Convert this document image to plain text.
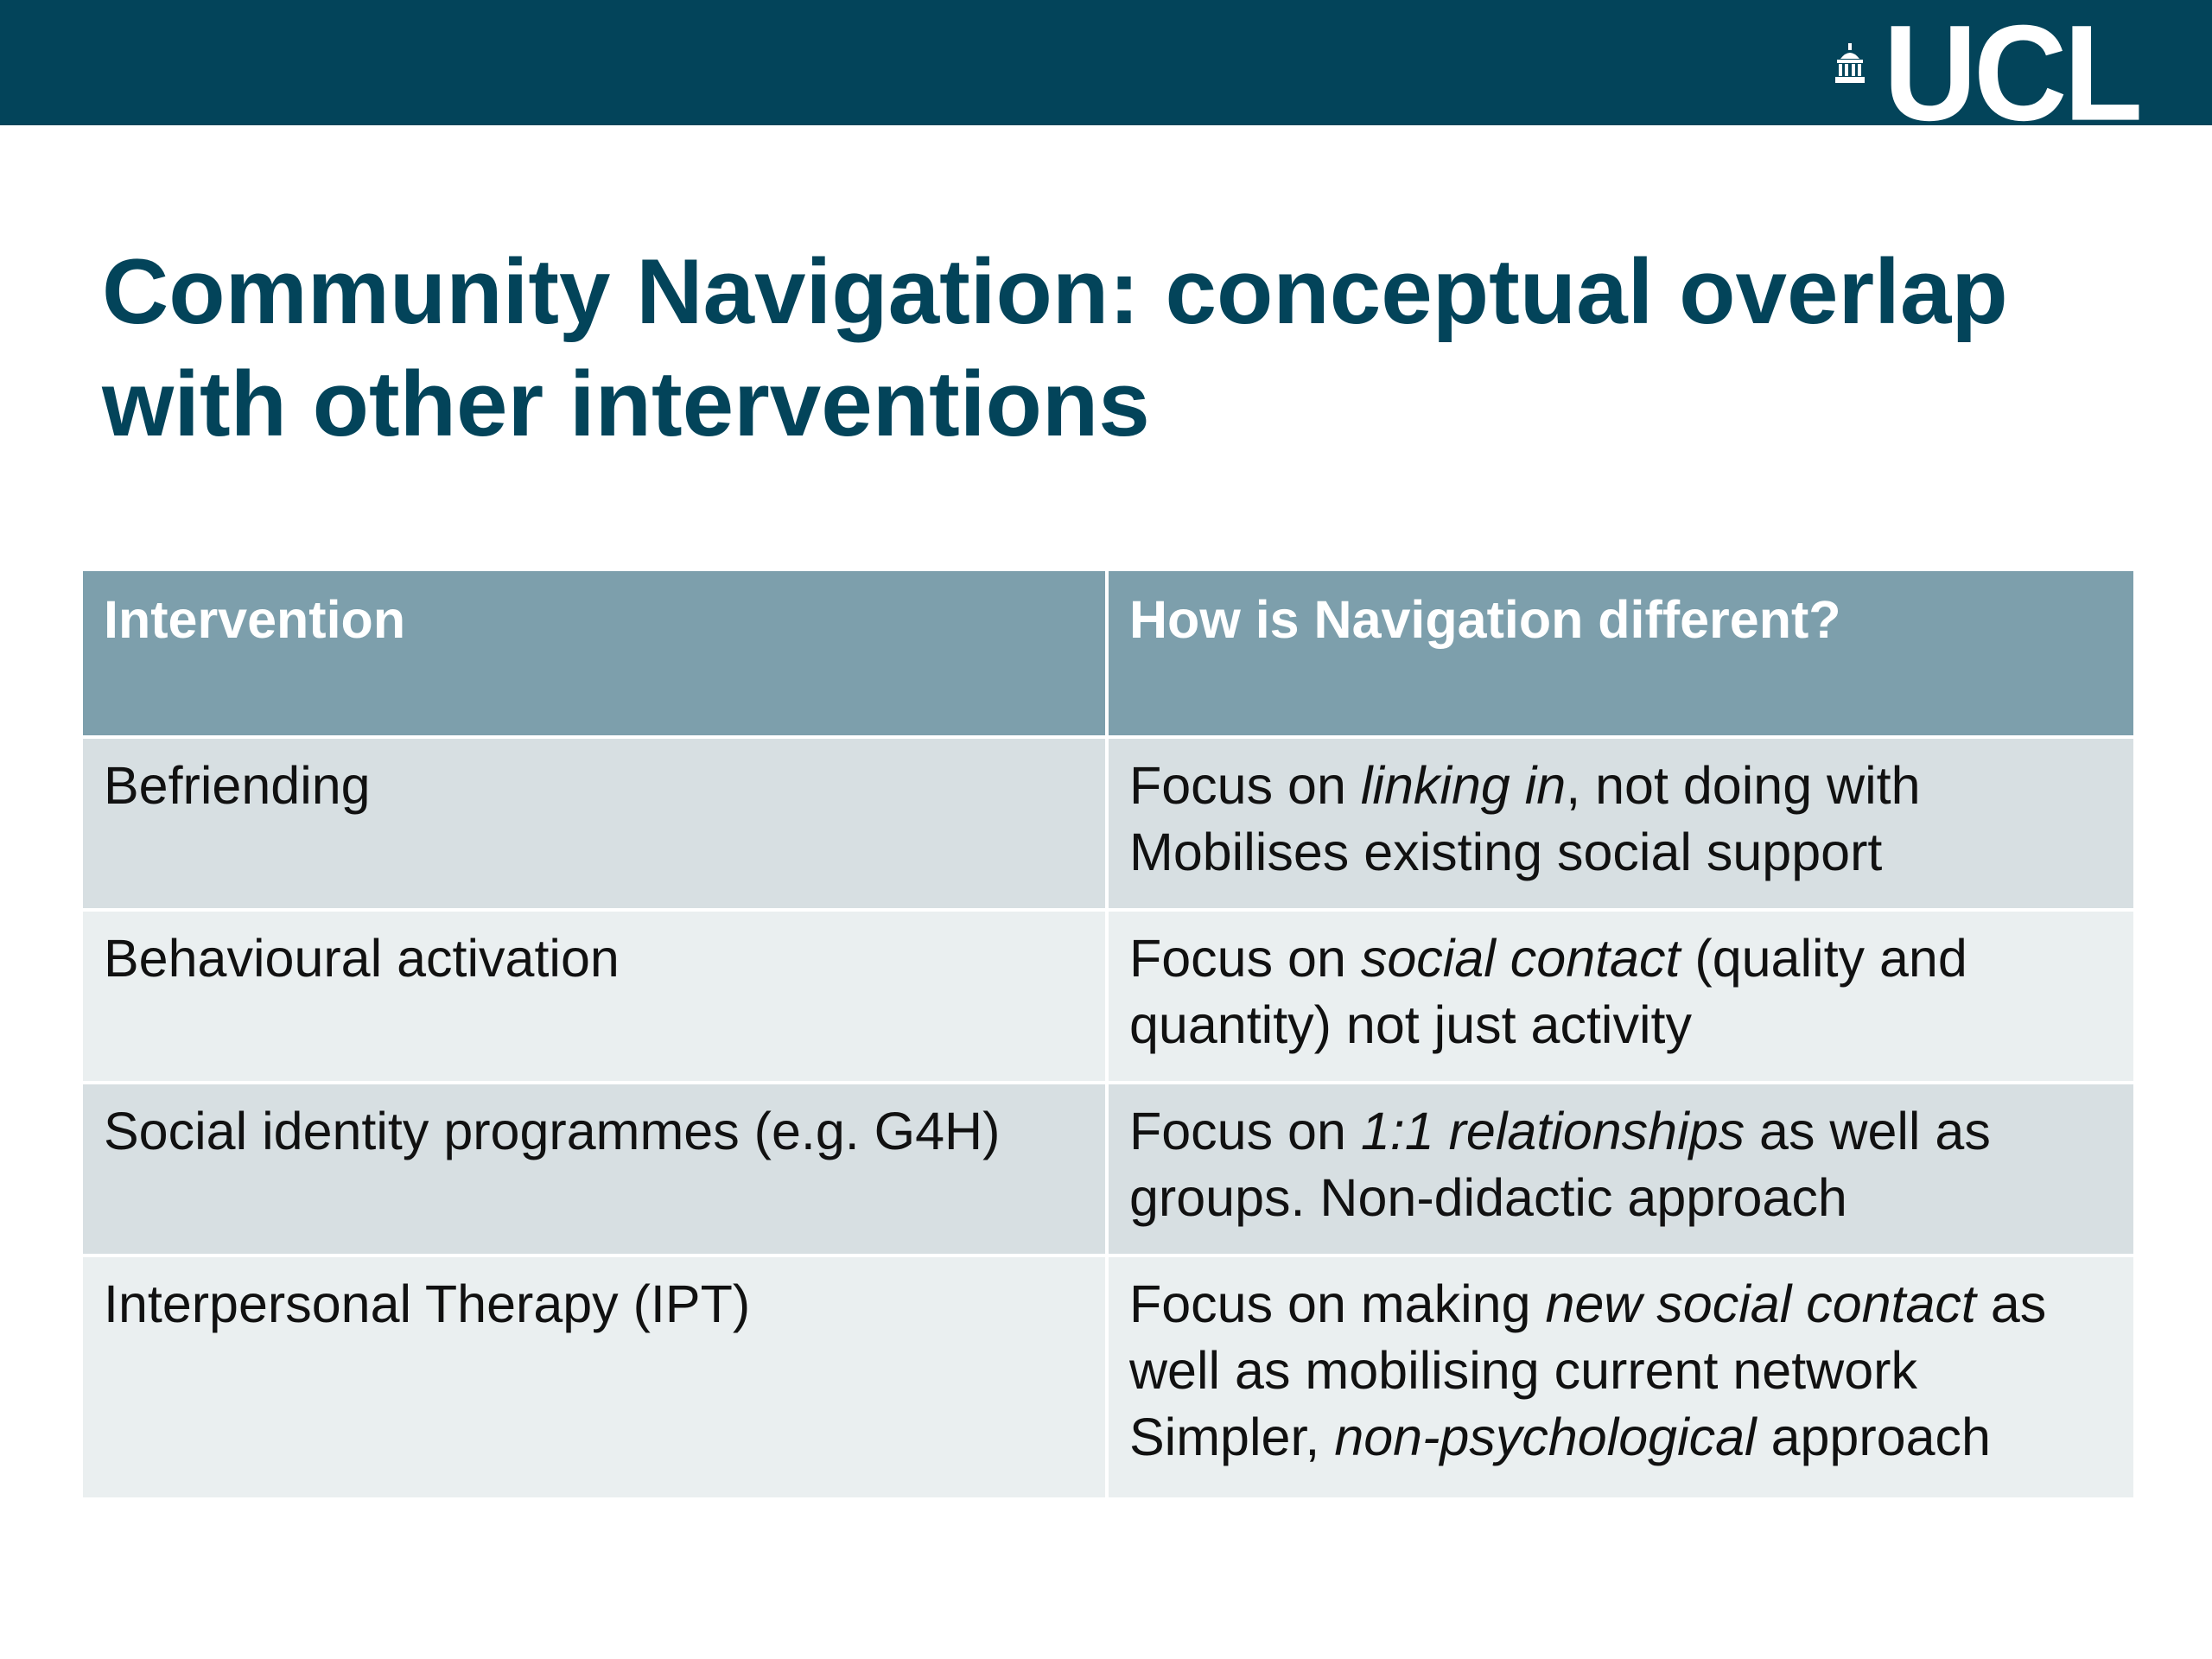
UCL
Community Navigation: conceptual overlap
with other interventions
Intervention	How is Navigation different?
Befriending	Focus on linking in, not doing with
Mobilises existing social support

Behavioural activation	Focus on social contact (quality and
quantity) not just activity

Social identity programmes (e.g. G4H)	Focus on 1:1 relationships as well as
groups. Non-didactic approach

Interpersonal Therapy (IPT)	Focus on making new social contact as
well as mobilising current network
Simpler, non-psychological approach
